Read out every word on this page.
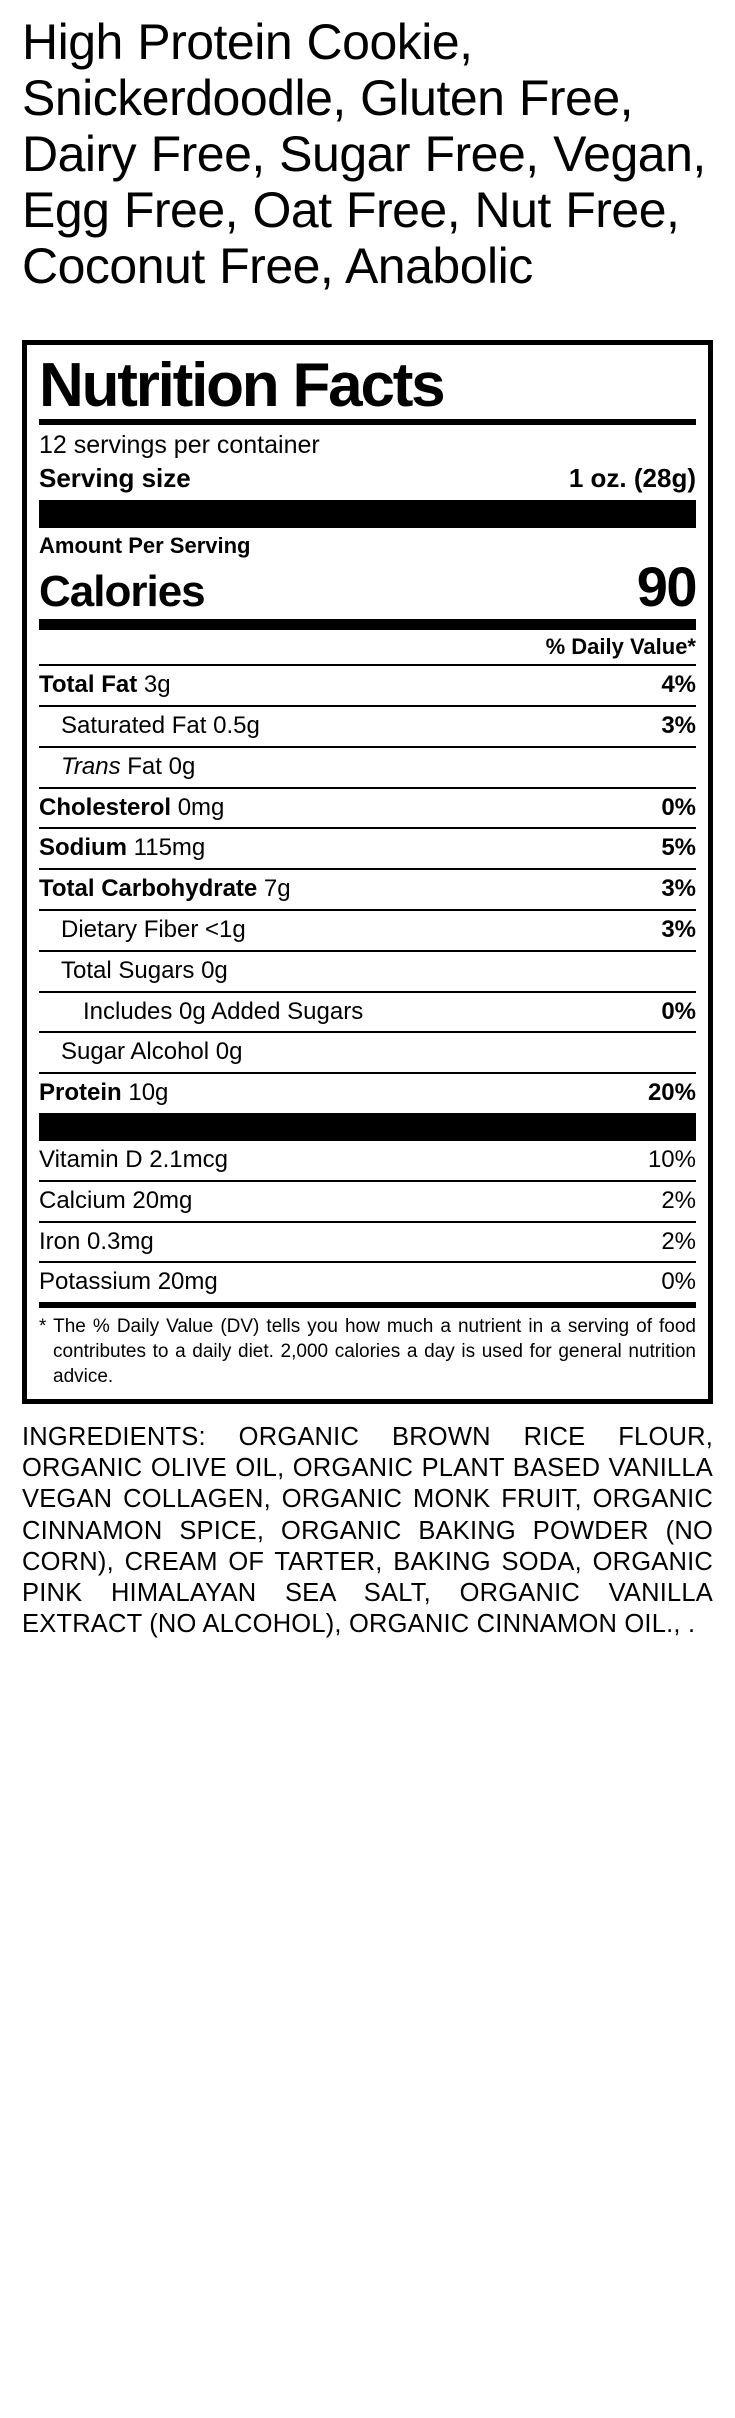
High Protein Cookie, Snickerdoodle, Gluten Free, Dairy Free, Sugar Free, Vegan, Egg Free, Oat Free, Nut Free, Coconut Free, Anabolic
Nutrition Facts
12 servings per container
Serving size	1 oz. (28g)
Amount Per Serving
Calories	90
% Daily Value*
Total Fat 3g	4%
Saturated Fat 0.5g	3%
Trans Fat 0g
Cholesterol 0mg	0%
Sodium 115mg	5%
Total Carbohydrate 7g	3%
Dietary Fiber <1g	3%
Total Sugars 0g
Includes 0g Added Sugars	0%
Sugar Alcohol 0g
Protein 10g	20%
Vitamin D 2.1mcg	10%
Calcium 20mg	2%
Iron 0.3mg	2%
Potassium 20mg	0%
* The % Daily Value (DV) tells you how much a nutrient in a serving of food contributes to a daily diet. 2,000 calories a day is used for general nutrition advice.
INGREDIENTS: ORGANIC BROWN RICE FLOUR, ORGANIC OLIVE OIL, ORGANIC PLANT BASED VANILLA VEGAN COLLAGEN, ORGANIC MONK FRUIT, ORGANIC CINNAMON SPICE, ORGANIC BAKING POWDER (NO CORN), CREAM OF TARTER, BAKING SODA, ORGANIC PINK HIMALAYAN SEA SALT, ORGANIC VANILLA EXTRACT (NO ALCOHOL), ORGANIC CINNAMON OIL., .
